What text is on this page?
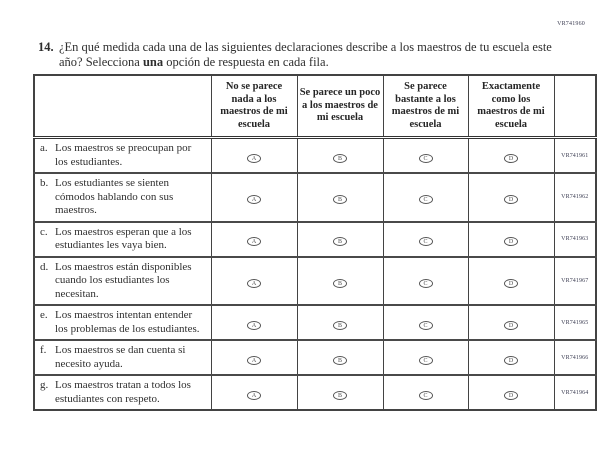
VR741960
14. ¿En qué medida cada una de las siguientes declaraciones describe a los maestros de tu escuela este año? Selecciona una opción de respuesta en cada fila.
	No se parece nada a los maestros de mi escuela	Se parece un poco a los maestros de mi escuela	Se parece bastante a los maestros de mi escuela	Exactamente como los maestros de mi escuela	

a. Los maestros se preocupan por los estudiantes.	A	B	C	D	VR741961

b. Los estudiantes se sienten cómodos hablando con sus maestros.	A	B	C	D	VR741962

c. Los maestros esperan que a los estudiantes les vaya bien.	A	B	C	D	VR741963

d. Los maestros están disponibles cuando los estudiantes los necesitan.	A	B	C	D	VR741967

e. Los maestros intentan entender los problemas de los estudiantes.	A	B	C	D	VR741965

f. Los maestros se dan cuenta si necesito ayuda.	A	B	C	D	VR741966

g. Los maestros tratan a todos los estudiantes con respeto.	A	B	C	D	VR741964
